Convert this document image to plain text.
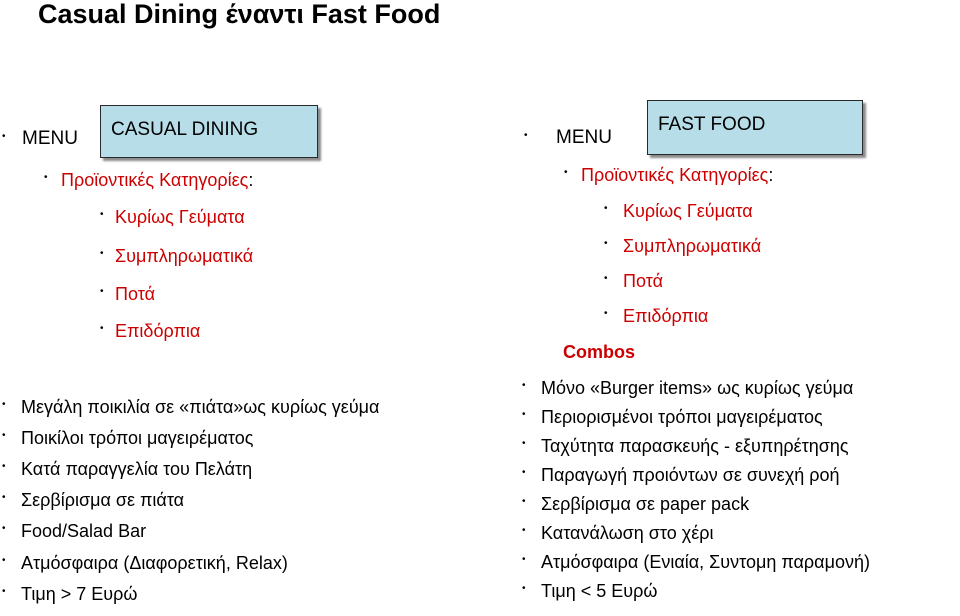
Casual Dining έναντι Fast Food
• MENU CASUAL DINING
• Προϊοντικές Κατηγορίες:
• Κυρίως Γεύματα
• Συμπληρωματικά
• Ποτά
• Επιδόρπια
• Μεγάλη ποικιλία σε «πιάτα»ως κυρίως γεύμα
• Ποικίλοι τρόποι μαγειρέματος
• Κατά παραγγελία του Πελάτη
• Σερβίρισμα σε πιάτα
• Food/Salad Bar
• Ατμόσφαιρα (Διαφορετική, Relax)
• Τιμη > 7 Ευρώ
• MENU
FAST FOOD
• Προϊοντικές Κατηγορίες:
• Κυρίως Γεύματα
• Συμπληρωματικά
• Ποτά
• Επιδόρπια
Combos
• Μόνο «Burger items» ως κυρίως γεύμα
• Περιορισμένοι τρόποι μαγειρέματος
• Ταχύτητα παρασκευής - εξυπηρέτησης
• Παραγωγή προιόντων σε συνεχή ροή
• Σερβίρισμα σε paper pack
• Κατανάλωση στο χέρι
• Ατμόσφαιρα (Ενιαία, Συντομη παραμονή)
• Τιμη < 5 Ευρώ
